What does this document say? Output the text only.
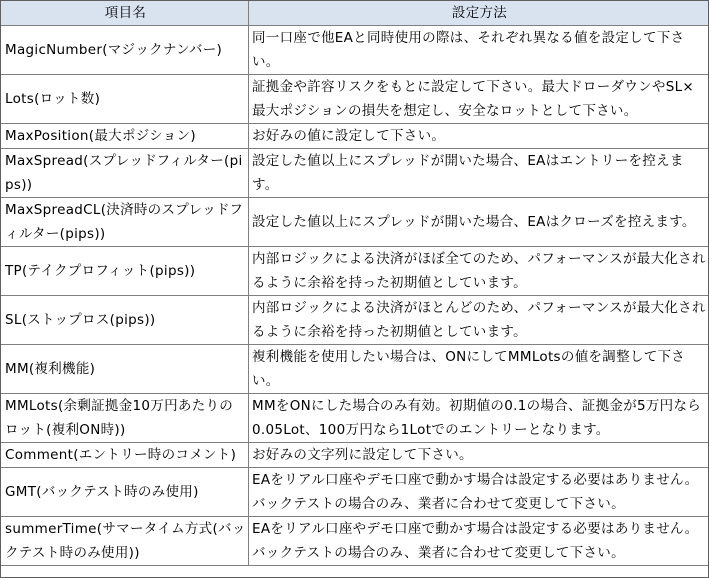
項目名	設定方法
MagicNumber(マジックナンバー)	同一口座で他EAと同時使用の際は、それぞれ異なる値を設定して下さい。
Lots(ロット数)	証拠金や許容リスクをもとに設定して下さい。最大ドローダウンやSL×最大ポジションの損失を想定し、安全なロットとして下さい。
MaxPosition(最大ポジション)	お好みの値に設定して下さい。
MaxSpread(スプレッドフィルター(pips))	設定した値以上にスプレッドが開いた場合、EAはエントリーを控えます。
MaxSpreadCL(決済時のスプレッドフィルター(pips))	設定した値以上にスプレッドが開いた場合、EAはクローズを控えます。
TP(テイクプロフィット(pips))	内部ロジックによる決済がほぼ全てのため、パフォーマンスが最大化されるように余裕を持った初期値としています。
SL(ストップロス(pips))	内部ロジックによる決済がほとんどのため、パフォーマンスが最大化されるように余裕を持った初期値としています。
MM(複利機能)	複利機能を使用したい場合は、ONにしてMMLotsの値を調整して下さい。
MMLots(余剰証拠金10万円あたりのロット(複利ON時))	MMをONにした場合のみ有効。初期値の0.1の場合、証拠金が5万円なら0.05Lot、100万円なら1Lotでのエントリーとなります。
Comment(エントリー時のコメント)	お好みの文字列に設定して下さい。
GMT(バックテスト時のみ使用)	EAをリアル口座やデモ口座で動かす場合は設定する必要はありません。バックテストの場合のみ、業者に合わせて変更して下さい。
summerTime(サマータイム方式(バックテスト時のみ使用))	EAをリアル口座やデモ口座で動かす場合は設定する必要はありません。バックテストの場合のみ、業者に合わせて変更して下さい。
